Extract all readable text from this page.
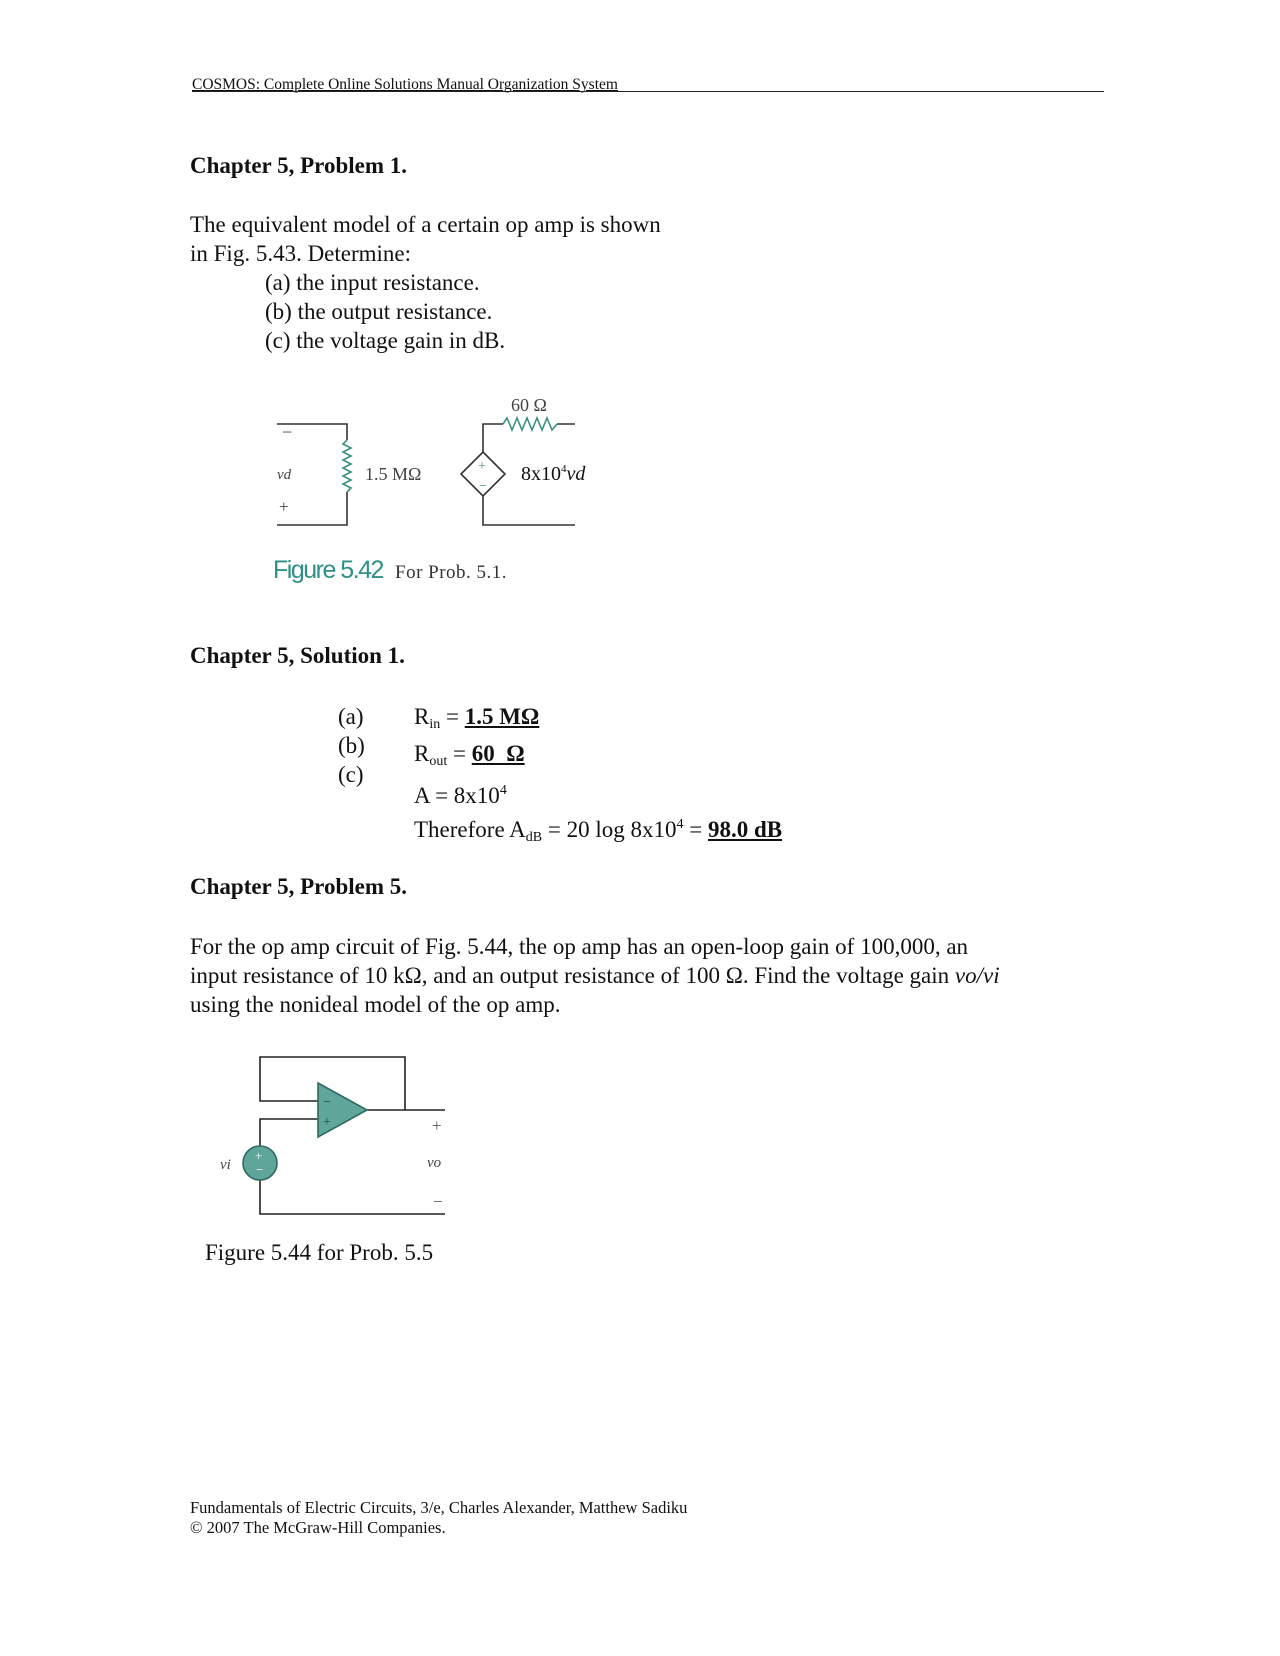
COSMOS: Complete Online Solutions Manual Organization System
Chapter 5, Problem 1.
The equivalent model of a certain op amp is shown
in Fig. 5.43. Determine:
(a) the input resistance.
(b) the output resistance.
(c) the voltage gain in dB.
−
vd
+
1.5 MΩ	+
−
60 Ω
$8x10^4vd$
Figure 5.42 For Prob. 5.1.
Chapter 5, Solution 1.
(a)
(b)
(c)
$R_{in} = 1.5$ MΩ
$R_{out} = 60$  Ω
$A = 8x10^4$
Therefore $A_{dB} = 20$ $\log 8x10^4 = 98.0$ dB
Chapter 5, Problem 5.
For the op amp circuit of Fig. 5.44, the op amp has an open-loop gain of 100,000, an
input resistance of 10 kΩ, and an output resistance of 100 Ω. Find the voltage gain vo/vi
using the nonideal model of the op amp.
−
+
+
−
vi
+
vo
−
Figure 5.44 for Prob. 5.5
Fundamentals of Electric Circuits, 3/e, Charles Alexander, Matthew Sadiku
© 2007 The McGraw-Hill Companies.
